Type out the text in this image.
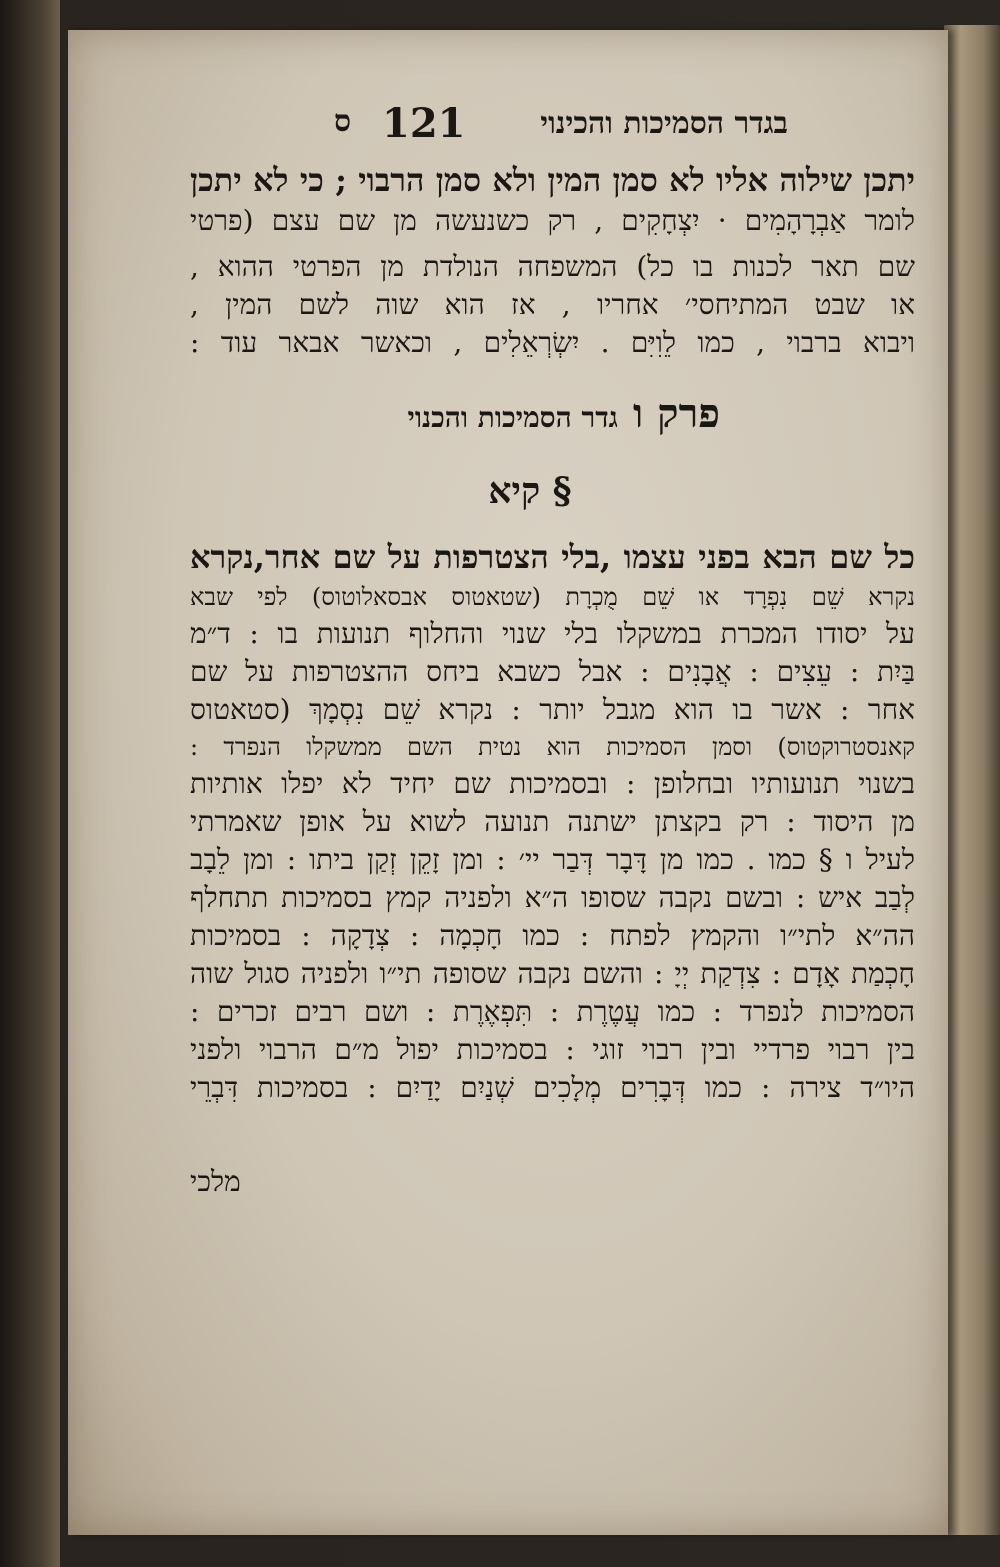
ס 121 בגדר הסמיכות והכינוי
יתכן שילוה אליו לא סמן המין ולא סמן הרבוי ; כי לא יתכן
לומר אַבְרָהָמִים · יִצְחָקִים , רק כשנעשה מן שם עצם (פרטי
שם תאר לכנות בו כל) המשפחה הנולדת מן הפרטי ההוא ,
או שבט המתיחסי׳ אחריו , אז הוא שוה לשם המין ,
ויבוא ברבוי , כמו לֵוִיִּם . יִשְׂרְאֵלִים , וכאשר אבאר עוד :
פרק ו גדר הסמיכות והכנוי
§ קיא
כל שם הבא בפני עצמו ,בלי הצטרפות על שם אחר,נקרא
נקרא שֵׁם נִפְרָד או שֵׁם מֻכְרָת (שטאטוס אבסאלוטוס) לפי שבא
על יסודו המכרת במשקלו בלי שנוי והחלוף תנועות בו : ד״מ
בַּיִת : עֵצִים : אֲבָנִים : אבל כשבא ביחס ההצטרפות על שם
אחר : אשר בו הוא מגבל יותר : נקרא שֵׁם נִסְמָךְ (סטאטוס
קאנסטרוקטוס) וסמן הסמיכות הוא נטית השם ממשקלו הנפרד :
בשנוי תנועותיו ובחלופן : ובסמיכות שם יחיד לא יפלו אותיות
מן היסוד : רק בקצתן ישתנה תנועה לשוא על אופן שאמרתי
לעיל ו § כמו . כמו מן דָּבָר דְּבַר יי׳ : ומן זָקֵן זְקַן ביתו : ומן לֵבָב
לְבַב איש : ובשם נקבה שסופו ה״א ולפניה קמץ בסמיכות תתחלף
הה״א לתי״ו והקמץ לפתח : כמו חָכְמָה : צְדָקָה : בסמיכות
חָכְמַת אָדָם : צִדְקַת יְיָ : והשם נקבה שסופה תי״ו ולפניה סגול שוה
הסמיכות לנפרד : כמו עֲטֶרֶת : תִּפְאֶרֶת : ושם רבים זכרים :
בין רבוי פרדיי ובין רבוי זוגי : בסמיכות יפול מ״ם הרבוי ולפני
היו״ד צירה : כמו דְּבָרִים מְלָכִים שְׁנַיִם יָדַיִם : בסמיכות דִּבְרֵי
מלכי
